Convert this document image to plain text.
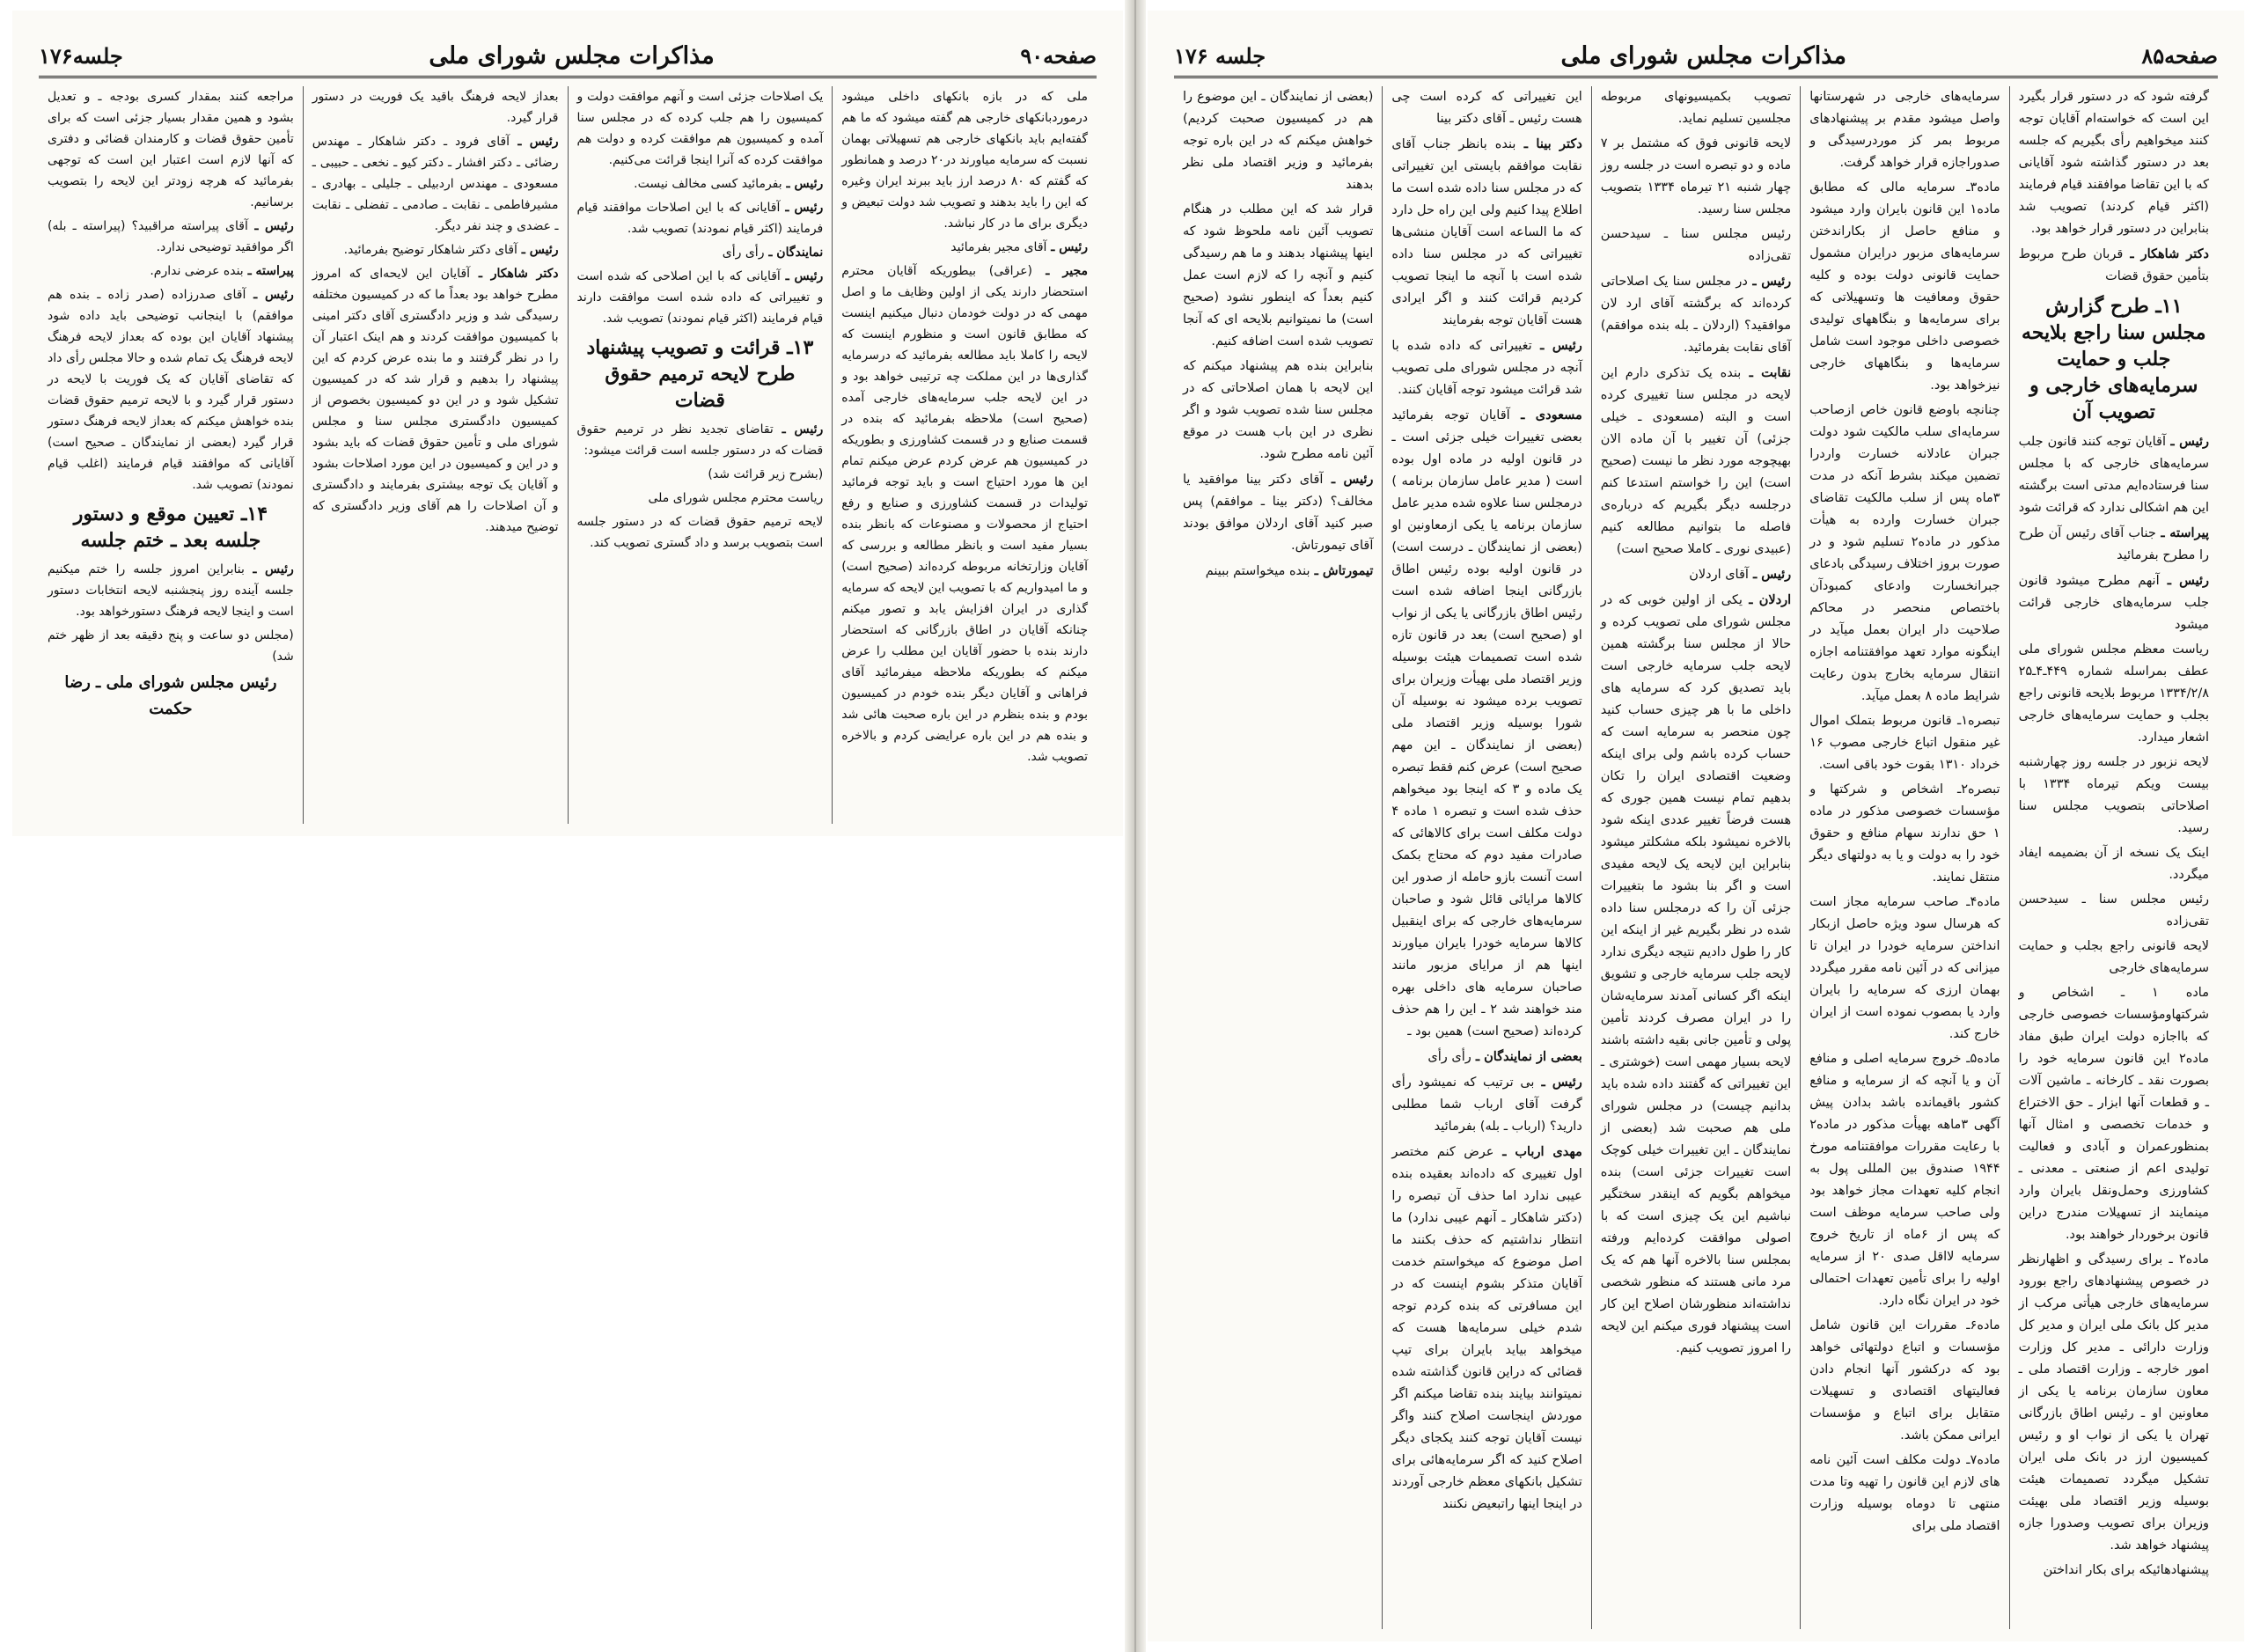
صفحه۹۰
مذاکرات مجلس شورای ملی
جلسه۱۷۶

ملی که در بازه بانکهای داخلی میشود درموردبانکهای خارجی هم گفته میشود که ما هم گفته‌ایم باید بانکهای خارجی هم تسهیلاتی بهمان نسبت که سرمایه میاورند در۲۰ درصد و همانطور که گفتم که ۸۰ درصد ارز باید ببرند ایران وغیره که این را باید بدهند و تصویب شد دولت تبعیض و دیگری برای ما در کار نباشد.

رئیس ـ آقای مجیر بفرمائید

مجیر ـ (عراقی) بیطوریکه آقایان محترم استحضار دارند یکی از اولین وظایف ما و اصل مهمی که در دولت خودمان دنبال میکنیم اینست که مطابق قانون است و منظورم اینست که لایحه را کاملا باید مطالعه بفرمائید که درسرمایه گذاری‌ها در این مملکت چه ترتیبی خواهد بود و در این لایحه جلب سرمایه‌های خارجی آمده (صحیح است) ملاحظه بفرمائید که بنده در قسمت صنایع و در قسمت کشاورزی و بطوریکه در کمیسیون هم عرض کردم عرض میکنم تمام این ها مورد احتیاج است و باید توجه فرمائید تولیدات در قسمت کشاورزی و صنایع و رفع احتیاج از محصولات و مصنوعات که بانظر بنده بسیار مفید است و بانظر مطالعه و بررسی که آقایان وزارتخانه مربوطه کرده‌اند (صحیح است) و ما امیدواریم که با تصویب این لایحه که سرمایه گذاری در ایران افزایش یابد و تصور میکنم چنانکه آقایان در اطاق بازرگانی که استحضار دارند بنده با حضور آقایان این مطلب را عرض میکنم که بطوریکه ملاحظه میفرمائید آقای فراهانی و آقایان دیگر بنده خودم در کمیسیون بودم و بنده بنظرم در این باره صحبت هائی شد و بنده هم در این باره عرایضی کردم و بالاخره تصویب شد.

یک اصلاحات جزئی است و آنهم موافقت دولت و کمیسیون را هم جلب کرده که در مجلس سنا آمده و کمیسیون هم موافقت کرده و دولت هم موافقت کرده که آنرا اینجا قرائت می‌کنیم.

رئیس ـ بفرمائید کسی مخالف نیست.

رئیس ـ آقایانی که با این اصلاحات موافقند قیام فرمایند (اکثر قیام نمودند) تصویب شد.

نمایندگان ـ رأی‌ رأی

رئیس ـ آقایانی که با این اصلاحی که شده است و تغییراتی که داده شده است موافقت دارند قیام فرمایند (اکثر قیام نمودند) تصویب شد.

۱۳ـ قرائت و تصویب پیشنهاد طرح لایحه ترمیم حقوق قضات

رئیس ـ تقاضای تجدید نظر در ترمیم حقوق قضات که در دستور جلسه است قرائت میشود:

(بشرح زیر قرائت شد)

ریاست محترم مجلس شورای ملی

لایحه ترمیم حقوق قضات که در دستور جلسه است بتصویب برسد و داد گستری تصویب کند.

بعداز لایحه فرهنگ باقید یک فوریت در دستور قرار گیرد.

رئیس ـ آقای فرود ـ دکتر شاهکار ـ مهندس رضائی ـ دکتر افشار ـ دکتر کیو ـ نخعی ـ حبیبی ـ مسعودی ـ مهندس اردبیلی ـ جلیلی ـ بهادری ـ مشیرفاطمی ـ نقابت ـ صادمی ـ تفضلی ـ نقابت ـ عضدی و چند نفر دیگر.

رئیس ـ آقای دکتر شاهکار توضیح بفرمائید.

دکتر شاهکار ـ آقایان این لایحه‌ای که امروز مطرح خواهد بود بعداً ما که در کمیسیون مختلفه رسیدگی شد و وزیر دادگستری آقای دکتر امینی با کمیسیون موافقت کردند و هم اینک اعتبار آن را در نظر گرفتند و ما بنده عرض کردم که این پیشنهاد را بدهیم و قرار شد که در کمیسیون تشکیل شود و در این دو کمیسیون بخصوص از کمیسیون دادگستری مجلس سنا و مجلس شورای ملی و تأمین حقوق قضات که باید بشود و در این و کمیسیون در این مورد اصلاحات بشود و آقایان یک توجه بیشتری بفرمایند و دادگستری و آن اصلاحات را هم آقای وزیر دادگستری که توضیح میدهند.

مراجعه کنند بمقدار کسری بودجه ـ و تعدیل بشود و همین مقدار بسیار جزئی است که برای تأمین حقوق قضات و کارمندان قضائی و دفتری که آنها لازم است اعتبار این است که توجهی بفرمائید که هرچه زودتر این لایحه را بتصویب برسانیم.

رئیس ـ آقای پیراسته مراقبید؟ (پیراسته ـ بله) اگر موافقید توضیحی ندارد.

پیراسته ـ بنده عرضی ندارم.

رئیس ـ آقای صدرزاده (صدر زاده ـ بنده هم موافقم) با اینجانب توضیحی باید داده شود پیشنهاد آقایان این بوده که بعداز لایحه فرهنگ لایحه فرهنگ یک تمام شده و حالا مجلس رأی داد که تقاضای آقایان که یک فوریت با لایحه در دستور قرار گیرد و با لایحه ترمیم حقوق قضات بنده خواهش میکنم که بعداز لایحه فرهنگ دستور قرار گیرد (بعضی از نمایندگان ـ صحیح است) آقایانی که موافقند قیام فرمایند (اغلب قیام نمودند) تصویب شد.

۱۴ـ تعیین موقع و دستور جلسه بعد ـ ختم جلسه

رئیس ـ بنابراین امروز جلسه را ختم میکنیم جلسه آینده روز پنجشنبه لایحه انتخابات دستور است و اینجا لایحه فرهنگ دستورخواهد بود.

(مجلس دو ساعت و پنج دقیقه بعد از ظهر ختم شد)

رئیس مجلس شورای ملی ـ رضا حکمت
صفحه۸۵
مذاکرات مجلس شورای ملی
جلسه ۱۷۶

گرفته شود که در دستور قرار بگیرد این است که خواسته‌ام آقایان توجه کنند میخواهیم رأی بگیریم که جلسه بعد در دستور گذاشته شود آقایانی که با این تقاضا موافقند قیام فرمایند (اکثر قیام کردند) تصویب شد بنابراین در دستور قرار خواهد بود.

دکتر شاهکار ـ قربان طرح مربوط بتأمین حقوق قضات

۱۱ـ طرح گزارش مجلس سنا راجع بلایحه جلب و حمایت سرمایه‌های خارجی و تصویب آن

رئیس ـ آقایان توجه کنند قانون جلب سرمایه‌های خارجی که با مجلس سنا فرستاده‌ایم مدتی است برگشته این هم اشکالی ندارد که قرائت شود

پیراسته ـ جناب آقای رئیس آن طرح را مطرح بفرمائید

رئیس ـ آنهم مطرح میشود قانون جلب سرمایه‌های خارجی قرائت میشود

ریاست معظم مجلس شورای ملی عطف بمراسله شماره ۴۴۹ـ۴ـ۲۵ ۱۳۳۴/۲/۸ مربوط بلایحه قانونی راجع بجلب و حمایت سرمایه‌های خارجی اشعار میدارد.

لایحه نزبور در جلسه روز چهارشنبه بیست ویکم تیرماه ۱۳۳۴ با اصلاحاتی بتصویب مجلس سنا رسید.

اینک یک نسخه از آن بضمیمه ایفاد میگردد.

رئیس مجلس سنا ـ سیدحسن تقی‌زاده

لایحه قانونی راجع بجلب و حمایت سرمایه‌های خارجی

ماده ۱ ـ اشخاص و شرکتهاومؤسسات خصوصی خارجی که بااجازه دولت ایران طبق مفاد ماده۲ این قانون سرمایه خود را بصورت نقد ـ کارخانه ـ ماشین آلات ـ و قطعات آنها ابزار ـ حق الاختراع و خدمات تخصصی و امثال آنها بمنظورعمران و آبادی و فعالیت تولیدی اعم از صنعتی ـ معدنی ـ کشاورزی وحمل‌ونقل بایران وارد مینمایند از تسهیلات مندرج دراین قانون برخوردار خواهند بود.

ماده۲ ـ برای رسیدگی و اظهارنظر در خصوص پیشنهادهای راجع بورود سرمایه‌های خارجی هیأتی مرکب از مدیر کل بانک ملی ایران و مدیر کل وزارت دارائی ـ مدیر کل وزارت امور خارجه ـ وزارت اقتصاد ملی ـ معاون سازمان برنامه یا یکی از معاونین او ـ رئیس اطاق بازرگانی تهران یا یکی از نواب او و رئیس کمیسیون ارز در بانک ملی ایران تشکیل میگردد تصمیمات هیئت بوسیله وزیر اقتصاد ملی بهیئت وزیران برای تصویب وصدورا جازه پیشنهاد خواهد شد.

پیشنهادهائیکه برای بکار انداختن

سرمایه‌های خارجی در شهرستانها واصل میشود مقدم بر پیشنهادهای مربوط بمر کز موردرسیدگی و صدوراجازه قرار خواهد گرفت.

ماده۳ـ سرمایه مالی که مطابق ماده۱ این قانون بایران وارد میشود و منافع حاصل از بکاراندختن سرمایه‌های مزبور درایران مشمول حمایت قانونی دولت بوده و کلیه حقوق ومعافیت ها وتسهیلاتی که برای سرمایه‌ها و بنگاههای تولیدی خصوصی داخلی موجود است شامل سرمایه‌ها و بنگاههای خارجی نیزخواهد بود.

چنانچه باوضع قانون خاص ازصاحب سرمایه‌ای سلب مالکیت شود دولت جبران عادلانه خسارت واردرا تضمین میکند بشرط آنکه در مدت ۳ماه پس از سلب مالکیت تقاضای جبران خسارت وارده به هیأت مذکور در ماده۲ تسلیم شود و در صورت بروز اختلاف رسیدگی بادعای جبرانخسارت وادعای کمبودآن باختصاص منحصر در محاکم صلاحیت دار ایران بعمل میآید در اینگونه موارد تعهد موافقتنامه اجازه انتقال سرمایه بخارج بدون رعایت شرایط ماده ۸ بعمل میآید.

تبصره۱ـ قانون مربوط بتملک اموال غیر منقول اتباع خارجی مصوب ۱۶ خرداد ۱۳۱۰ بقوت خود باقی است.

تبصره۲ـ اشخاص و شرکتها و مؤسسات خصوصی مذکور در ماده ۱ حق ندارند سهام منافع و حقوق خود را به دولت و یا به دولتهای دیگر منتقل نمایند.

ماده۴ـ صاحب سرمایه مجاز است که هرسال سود ویژه حاصل ازبکار انداختن سرمایه خودرا در ایران تا میزانی که در آئین نامه مقرر میگردد بهمان ارزی که سرمایه را بایران وارد یا بمصوب نموده است از ایران خارج کند.

ماده۵ـ خروج سرمایه اصلی و منافع آن و یا آنچه که از سرمایه و منافع کشور باقیمانده باشد بدادن پیش آگهی ۳ماهه بهیأت مذکور در ماده۲ با رعایت مقررات موافقتنامه مورخ ۱۹۴۴ صندوق بین المللی پول به انجام کلیه تعهدات مجاز خواهد بود ولی صاحب سرمایه موظف است که پس از ۶ماه از تاریخ خروج سرمایه لااقل صدی ۲۰ از سرمایه اولیه را برای تأمین تعهدات احتمالی خود در ایران نگاه دارد.

ماده۶ـ مقررات این قانون شامل مؤسسات و اتباع دولتهائی خواهد بود که درکشور آنها انجام دادن فعالیتهای اقتصادی و تسهیلات متقابل برای اتباع و مؤسسات ایرانی ممکن باشد.

ماده۷ـ دولت مکلف است آئین نامه های لازم این قانون را تهیه وتا مدت منتهی تا دوماه بوسیله وزارت اقتصاد ملی برای

تصویب بکمیسیونهای مربوطه مجلسین تسلیم نماید.

لایحه قانونی فوق که مشتمل بر ۷ ماده و دو تبصره است در جلسه روز چهار شنبه ۲۱ تیرماه ۱۳۳۴ بتصویب مجلس سنا رسید.

رئیس مجلس سنا ـ سیدحسن تقی‌زاده

رئیس ـ در مجلس سنا یک اصلاحاتی کرده‌اند که برگشته آقای ارد لان موافقید؟ (اردلان ـ بله بنده موافقم) آقای نقابت بفرمائید.

نقابت ـ بنده یک تذکری دارم این لایحه در مجلس سنا تغییری کرده است و البته (مسعودی ـ خیلی جزئی) آن تغییر با آن ماده الان بهیچوجه مورد نظر ما نیست (صحیح است) این را خواستم استدعا کنم درجلسه دیگر بگیریم که درباره‌ی فاصله ما بتوانیم مطالعه کنیم (عبیدی نوری ـ کاملا صحیح است)

رئیس ـ آقای اردلان

اردلان ـ یکی از اولین خوبی که در مجلس شورای ملی تصویب کرده و حالا از مجلس سنا برگشته همین لایحه جلب سرمایه خارجی است باید تصدیق کرد که سرمایه های داخلی ما با هر چیزی حساب کنید چون منحصر به سرمایه است که حساب کرده باشم ولی برای اینکه وضعیت اقتصادی ایران را تکان بدهیم تمام نیست همین جوری که هست فرضاً تغییر عددی اینکه شود بالاخره نمیشود بلکه مشکلتر میشود بنابراین این لایحه یک لایحه مفیدی است و اگر بنا بشود ما بتغییرات جزئی آن را که درمجلس سنا داده شده در نظر بگیریم غیر از اینکه این کار را طول دادیم نتیجه دیگری ندارد لایحه جلب سرمایه خارجی و تشویق اینکه اگر کسانی آمدند سرمایه‌شان را در ایران مصرف کردند تأمین پولی و تأمین جانی بقیه داشته باشند لایحه بسیار مهمی است (خوشتری ـ این تغییراتی که گفتند داده شده باید بدانیم چیست) در مجلس شورای ملی هم صحبت شد (بعضی از نمایندگان ـ این تغییرات خیلی کوچک است تغییرات جزئی است) بنده میخواهم بگویم که اینقدر سختگیر نباشیم این یک چیزی است که با اصولی موافقت کرده‌ایم ورفته بمجلس سنا بالاخره آنها هم که یک مرد مانی هستند که منظور شخصی نداشته‌اند منظورشان اصلاح این کار است پیشنهاد فوری میکنم این لایحه را امروز تصویب کنیم.

این تغییراتی که کرده است چی هست رئیس ـ آقای دکتر بینا

دکتر بینا ـ بنده بانظر جناب آقای نقابت موافقم بایستی این تغییراتی که در مجلس سنا داده شده است ما اطلاع پیدا کنیم ولی این راه حل دارد که ما الساعه است آقایان منشی‌ها تغییراتی که در مجلس سنا داده شده است با آنچه ما اینجا تصویب کردیم قرائت کنند و اگر ایرادی هست آقایان توجه بفرمایند

رئیس ـ تغییراتی که داده شده با آنچه در مجلس شورای ملی تصویب شد قرائت میشود توجه آقایان کنند.

مسعودی ـ آقایان توجه بفرمائید بعضی تغییرات خیلی جزئی است ـ در قانون اولیه در ماده اول بوده است ( مدیر عامل سازمان برنامه ) درمجلس سنا علاوه شده مدیر عامل سازمان برنامه یا یکی ازمعاونین او (بعضی از نمایندگان ـ درست است) در قانون اولیه بوده رئیس اطاق بازرگانی اینجا اضافه شده است رئیس اطاق بازرگانی یا یکی از نواب او (صحیح است) بعد در قانون تازه شده است تصمیمات هیئت بوسیله وزیر اقتصاد ملی بهیأت وزیران برای تصویب برده میشود نه بوسیله آن شورا بوسیله وزیر اقتصاد ملی (بعضی از نمایندگان ـ این مهم صحیح است) عرض کنم فقط تبصره یک ماده و ۳ که اینجا بود میخواهم حذف شده است و تبصره ۱ ماده ۴ دولت مکلف است برای کالاهائی که صادرات مفید دوم که محتاج بکمک است آنست بازو حامله از صدور این کالاها مرایائی قائل شود و صاحبان سرمایه‌های خارجی که برای اینقبیل کالاها سرمایه خودرا بایران میاورند اینها هم از مرایای مزبور مانند صاحبان سرمایه های داخلی بهره مند خواهند شد ۲ ـ این را هم حذف کرده‌اند (صحیح است) همین بود ـ

بعضی از نمایندگان ـ رأی رأی

رئیس ـ بی ترتیب که نمیشود رأی گرفت آقای ارباب شما مطلبی دارید؟ (ارباب ـ بله) بفرمائید

مهدی ارباب ـ عرض کنم مختصر اول تغییری که داده‌اند بعقیده بنده عیبی ندارد اما حذف آن تبصره را (دکتر شاهکار ـ آنهم عیبی ندارد) ما انتظار نداشتیم که حذف بکنند ما اصل موضوع که میخواستم خدمت آقایان متذکر بشوم اینست که در این مسافرتی که بنده کردم توجه شدم خیلی سرمایه‌ها هست که میخواهد بیاید بایران برای تیپ قضائی که دراین قانون گذاشته شده نمیتوانند بیایند بنده تقاضا میکنم اگر موردش اینجاست اصلاح کنند واگر نیست آقایان توجه کنند یکجای دیگر اصلاح کنید که اگر سرمایه‌هائی برای تشکیل بانکهای معظم خارجی آوردند در اینجا اینها راتبعیض نکنند

(بعضی از نمایندگان ـ این موضوع را هم در کمیسیون صحبت کردیم) خواهش میکنم که در این باره توجه بفرمائید و وزیر اقتصاد ملی نظر بدهند

قرار شد که این مطلب در هنگام تصویب آئین نامه ملحوظ شود که اینها پیشنهاد بدهند و ما هم رسیدگی کنیم و آنچه را که لازم است عمل کنیم بعداً که اینطور نشود (صحیح است) ما نمیتوانیم بلایحه ای که آنجا تصویب شده است اضافه کنیم.

بنابراین بنده هم پیشنهاد میکنم که این لایحه با همان اصلاحاتی که در مجلس سنا شده تصویب شود و اگر نظری در این باب هست در موقع آئین نامه مطرح شود.

رئیس ـ آقای دکتر بینا موافقید یا مخالف؟ (دکتر بینا ـ موافقم) پس صبر کنید آقای اردلان موافق بودند آقای تیمورتاش.

تیمورتاش ـ بنده میخواستم ببینم
